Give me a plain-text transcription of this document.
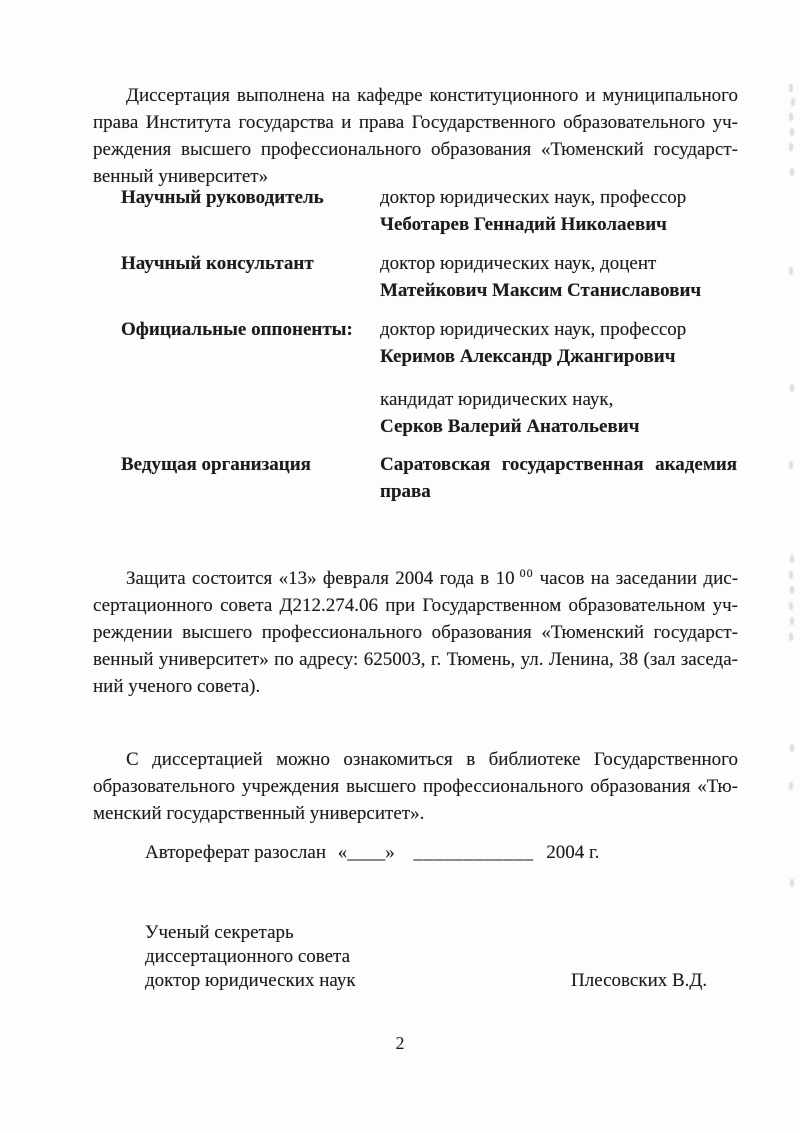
Диссертация выполнена на кафедре конституционного и муниципального права Института государства и права Государственного образовательного учреждения высшего профессионального образования «Тюменский государственный университет»

Научный руководитель	доктор юридических наук, профессор
Чеботарев Геннадий Николаевич
Научный консультант	доктор юридических наук, доцент
Матейкович Максим Станиславович
Официальные оппоненты: доктор юридических наук, профессор
Керимов Александр Джангирович
кандидат юридических наук,
Серков Валерий Анатольевич
Ведущая организация	Саратовская государственная академия права

Защита состоится «13» февраля 2004 года в 10 $^{00}$ часов на заседании диссертационного совета Д212.274.06 при Государственном образовательном учреждении высшего профессионального образования «Тюменский государственный университет» по адресу: 625003, г. Тюмень, ул. Ленина, 38 (зал заседаний ученого совета).

С диссертацией можно ознакомиться в библиотеке Государственного образовательного учреждения высшего профессионального образования «Тюменский государственный университет».

Автореферат разослан «____» ____________ 2004 г.
Ученый секретарь
диссертационного совета
доктор юридических наук	Плесовских В.Д.
2
